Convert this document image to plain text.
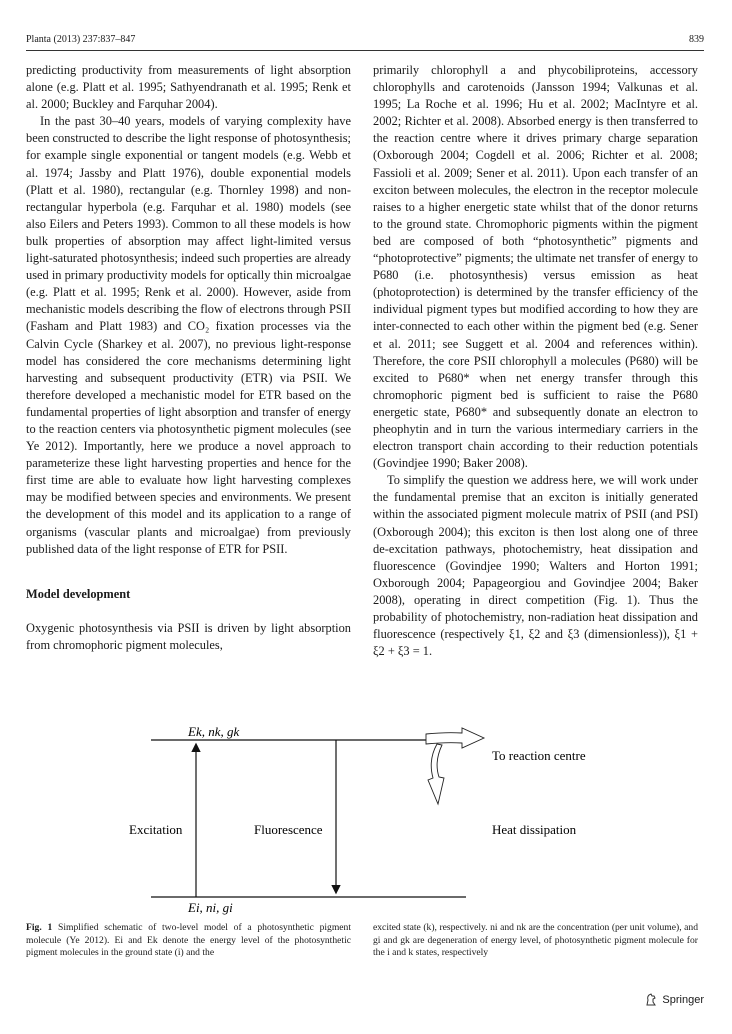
Planta (2013) 237:837–847	839

predicting productivity from measurements of light absorption alone (e.g. Platt et al. 1995; Sathyendranath et al. 1995; Renk et al. 2000; Buckley and Farquhar 2004).

In the past 30–40 years, models of varying complexity have been constructed to describe the light response of photosynthesis; for example single exponential or tangent models (e.g. Webb et al. 1974; Jassby and Platt 1976), double exponential models (Platt et al. 1980), rectangular (e.g. Thornley 1998) and non-rectangular hyperbola (e.g. Farquhar et al. 1980) models (see also Eilers and Peters 1993). Common to all these models is how bulk properties of absorption may affect light-limited versus light-saturated photosynthesis; indeed such properties are already used in primary productivity models for optically thin microalgae (e.g. Platt et al. 1995; Renk et al. 2000). However, aside from mechanistic models describing the flow of electrons through PSII (Fasham and Platt 1983) and CO₂ fixation processes via the Calvin Cycle (Sharkey et al. 2007), no previous light-response model has considered the core mechanisms determining light harvesting and subsequent productivity (ETR) via PSII. We therefore developed a mechanistic model for ETR based on the fundamental properties of light absorption and transfer of energy to the reaction centers via photosynthetic pigment molecules (see Ye 2012). Importantly, here we produce a novel approach to parameterize these light harvesting properties and hence for the first time are able to evaluate how light harvesting complexes may be modified between species and environments. We present the development of this model and its application to a range of organisms (vascular plants and microalgae) from previously published data of the light response of ETR for PSII.

Model development

Oxygenic photosynthesis via PSII is driven by light absorption from chromophoric pigment molecules,

primarily chlorophyll a and phycobiliproteins, accessory chlorophylls and carotenoids (Jansson 1994; Valkunas et al. 1995; La Roche et al. 1996; Hu et al. 2002; MacIntyre et al. 2002; Richter et al. 2008). Absorbed energy is then transferred to the reaction centre where it drives primary charge separation (Oxborough 2004; Cogdell et al. 2006; Richter et al. 2008; Fassioli et al. 2009; Sener et al. 2011). Upon each transfer of an exciton between molecules, the electron in the receptor molecule raises to a higher energetic state whilst that of the donor returns to the ground state. Chromophoric pigments within the pigment bed are composed of both “photosynthetic” pigments and “photoprotective” pigments; the ultimate net transfer of energy to P680 (i.e. photosynthesis) versus emission as heat (photoprotection) is determined by the transfer efficiency of the individual pigment types but modified according to how they are inter-connected to each other within the pigment bed (e.g. Sener et al. 2011; see Suggett et al. 2004 and references within). Therefore, the core PSII chlorophyll a molecules (P680) will be excited to P680* when net energy transfer through this chromophoric pigment bed is sufficient to raise the P680 energetic state, P680* and subsequently donate an electron to pheophytin and in turn the various intermediary carriers in the electron transport chain according to their reduction potentials (Govindjee 1990; Baker 2008).

To simplify the question we address here, we will work under the fundamental premise that an exciton is initially generated within the associated pigment molecule matrix of PSII (and PSI) (Oxborough 2004); this exciton is then lost along one of three de-excitation pathways, photochemistry, heat dissipation and fluorescence (Govindjee 1990; Walters and Horton 1991; Oxborough 2004; Papageorgiou and Govindjee 2004; Baker 2008), operating in direct competition (Fig. 1). Thus the probability of photochemistry, non-radiation heat dissipation and fluorescence (respectively ξ1, ξ2 and ξ3 (dimensionless)), ξ1 + ξ2 + ξ3 = 1.

Ek, nk, gk
Ei, ni, gi
Excitation	Fluorescence
To reaction centre
Heat dissipation
Fig. 1 Simplified schematic of two-level model of a photosynthetic pigment molecule (Ye 2012). Ei and Ek denote the energy level of the photosynthetic pigment molecules in the ground state (i) and the
excited state (k), respectively. ni and nk are the concentration (per unit volume), and gi and gk are degeneration of energy level, of photosynthetic pigment molecule for the i and k states, respectively
Springer
